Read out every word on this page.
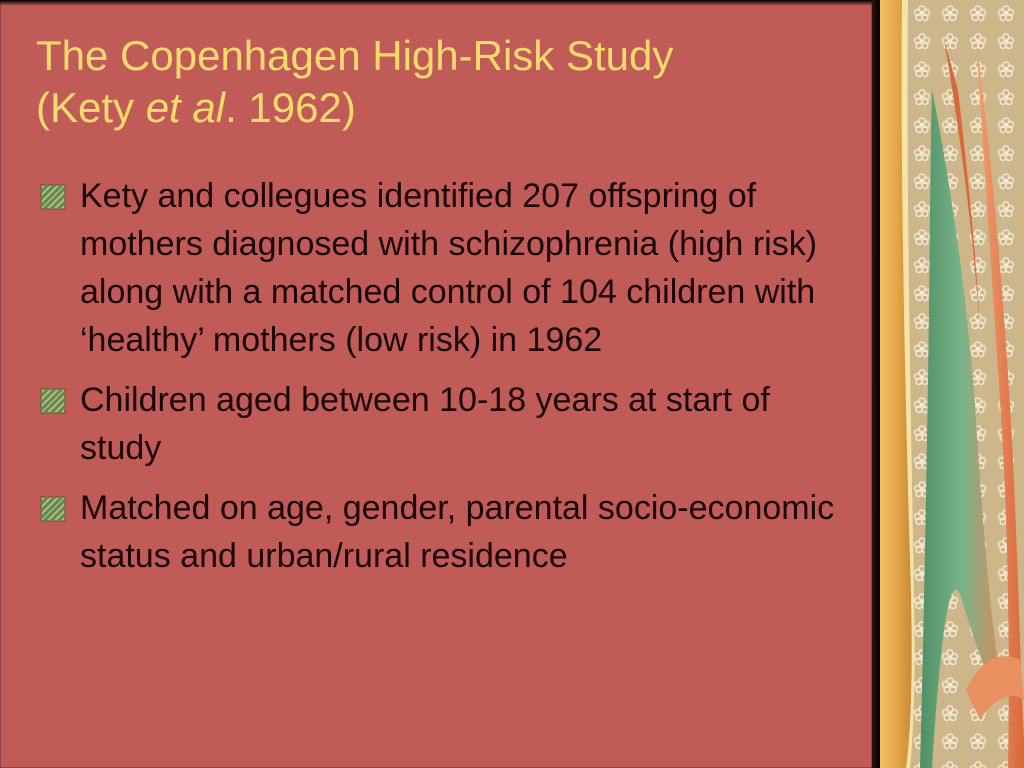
The Copenhagen High-Risk Study
(Kety et al. 1962)
Kety and collegues identified 207 offspring of mothers diagnosed with schizophrenia (high risk) along with a matched control of 104 children with ‘healthy’ mothers (low risk) in 1962
Children aged between 10-18 years at start of study
Matched on age, gender, parental socio-economic status and urban/rural residence
